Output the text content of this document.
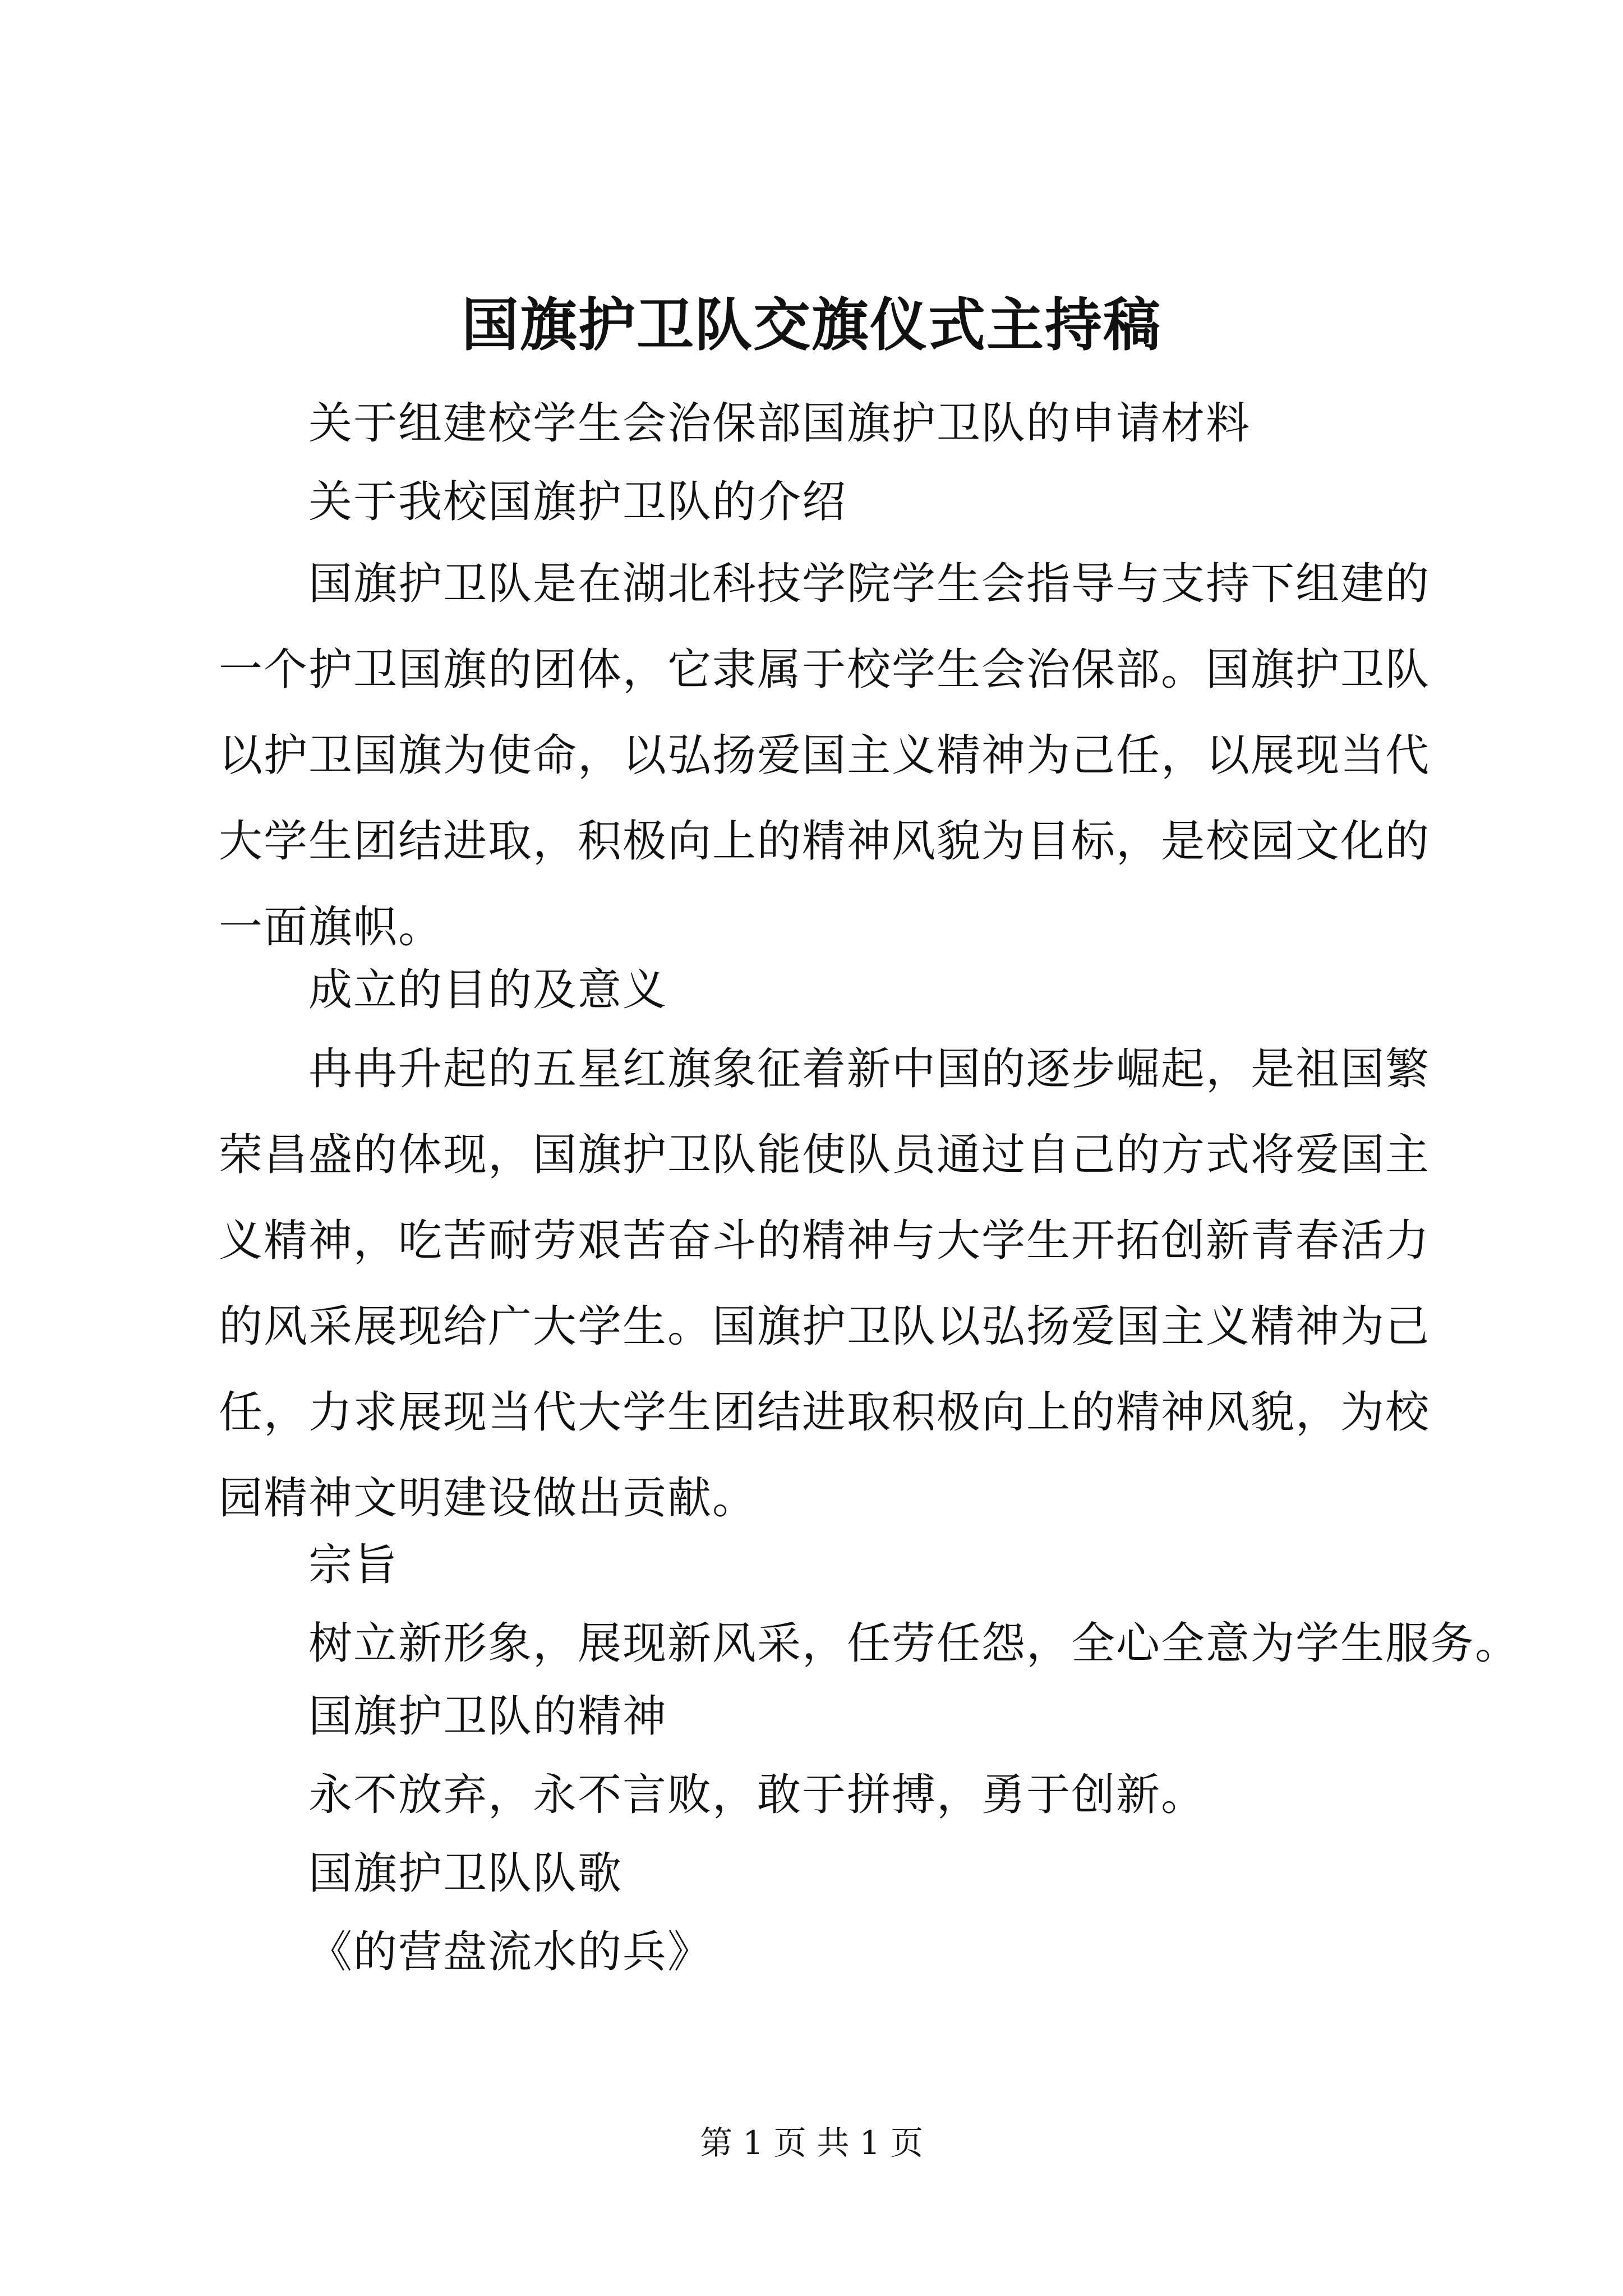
国旗护卫队交旗仪式主持稿
关于组建校学生会治保部国旗护卫队的申请材料
关于我校国旗护卫队的介绍
国旗护卫队是在湖北科技学院学生会指导与支持下组建的一个护卫国旗的团体，它隶属于校学生会治保部。国旗护卫队以护卫国旗为使命，以弘扬爱国主义精神为己任，以展现当代大学生团结进取，积极向上的精神风貌为目标，是校园文化的一面旗帜。
成立的目的及意义
冉冉升起的五星红旗象征着新中国的逐步崛起，是祖国繁荣昌盛的体现，国旗护卫队能使队员通过自己的方式将爱国主义精神，吃苦耐劳艰苦奋斗的精神与大学生开拓创新青春活力的风采展现给广大学生。国旗护卫队以弘扬爱国主义精神为己任，力求展现当代大学生团结进取积极向上的精神风貌，为校园精神文明建设做出贡献。
宗旨
树立新形象，展现新风采，任劳任怨，全心全意为学生服务。
国旗护卫队的精神
永不放弃，永不言败，敢于拼搏，勇于创新。
国旗护卫队队歌
《的营盘流水的兵》
第 1 页 共 1 页
